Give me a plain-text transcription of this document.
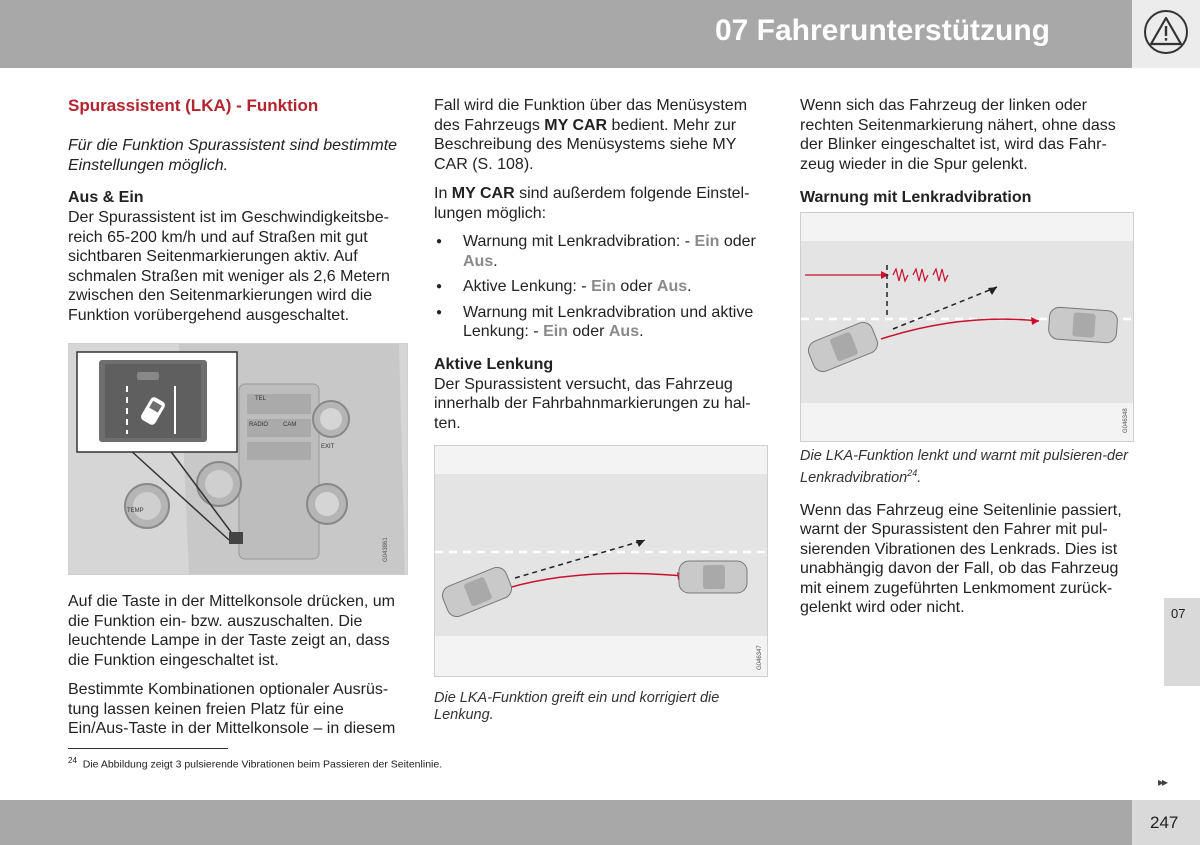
07 Fahrerunterstützung
Spurassistent (LKA) - Funktion

Für die Funktion Spurassistent sind bestimmte Einstellungen möglich.

Aus & Ein

Der Spurassistent ist im Geschwindigkeitsbe-reich 65-200 km/h und auf Straßen mit gut sichtbaren Seitenmarkierungen aktiv. Auf schmalen Straßen mit weniger als 2,6 Metern zwischen den Seitenmarkierungen wird die Funktion vorübergehend ausgeschaltet.

TEL
RADIO CAM
TEMP
EXIT
G043861

Auf die Taste in der Mittelkonsole drücken, um die Funktion ein- bzw. auszuschalten. Die leuchtende Lampe in der Taste zeigt an, dass die Funktion eingeschaltet ist.

Bestimmte Kombinationen optionaler Ausrüs-tung lassen keinen freien Platz für eine Ein/Aus-Taste in der Mittelkonsole – in diesem

Fall wird die Funktion über das Menüsystem des Fahrzeugs MY CAR bedient. Mehr zur Beschreibung des Menüsystems siehe MY CAR (S. 108).

In MY CAR sind außerdem folgende Einstel-lungen möglich:

● Warnung mit Lenkradvibration: - Ein oder Aus.
● Aktive Lenkung: - Ein oder Aus.
● Warnung mit Lenkradvibration und aktive Lenkung: - Ein oder Aus.
Aktive Lenkung

Der Spurassistent versucht, das Fahrzeug innerhalb der Fahrbahnmarkierungen zu hal-ten.

G046347

Die LKA-Funktion greift ein und korrigiert die Lenkung.

Wenn sich das Fahrzeug der linken oder rechten Seitenmarkierung nähert, ohne dass der Blinker eingeschaltet ist, wird das Fahr-zeug wieder in die Spur gelenkt.

Warnung mit Lenkradvibration
G046348

Die LKA-Funktion lenkt und warnt mit pulsieren-der Lenkradvibration$^{24}$.

Wenn das Fahrzeug eine Seitenlinie passiert, warnt der Spurassistent den Fahrer mit pul-sierenden Vibrationen des Lenkrads. Dies ist unabhängig davon der Fall, ob das Fahrzeug mit einem zugeführten Lenkmoment zurück-gelenkt wird oder nicht.	07
$^{24}$ Die Abbildung zeigt 3 pulsierende Vibrationen beim Passieren der Seitenlinie.
▸▸
247
